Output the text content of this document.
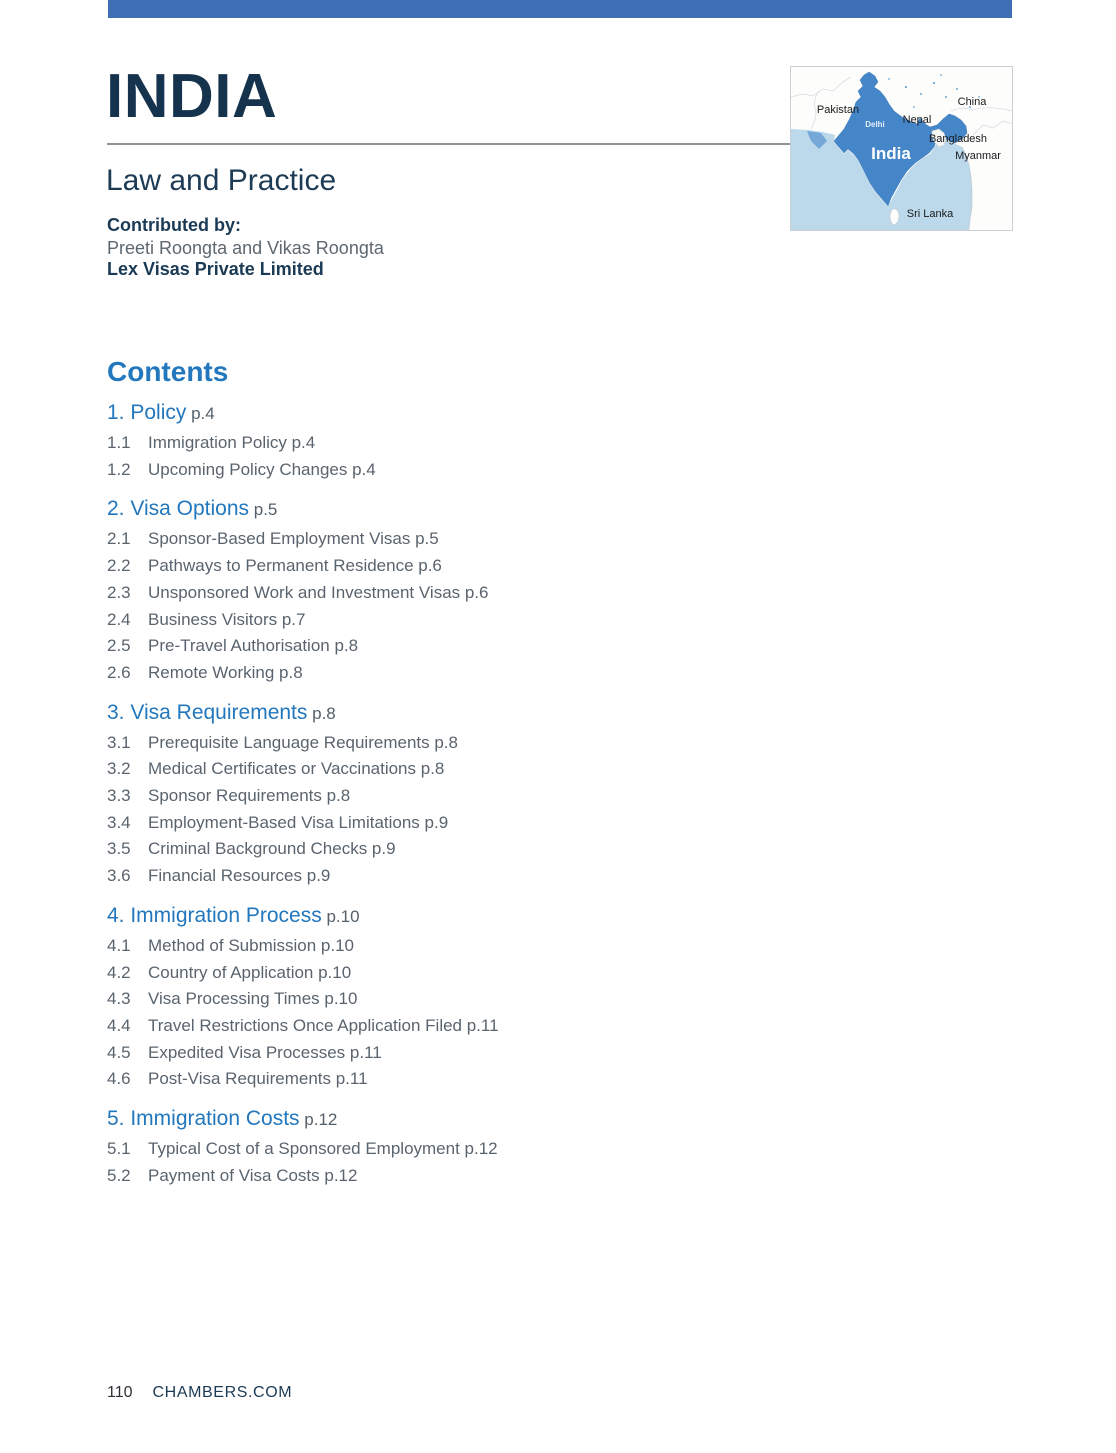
INDIA
Law and Practice
Contributed by:
Preeti Roongta and Vikas Roongta
Lex Visas Private Limited
Pakistan
China
Nepal
Delhi
Bangladesh
Myanmar
India
Sri Lanka
Contents
1. Policy p.4
1.1	Immigration Policy p.4
1.2	Upcoming Policy Changes p.4
2. Visa Options p.5
2.1	Sponsor-Based Employment Visas p.5
2.2	Pathways to Permanent Residence p.6
2.3	Unsponsored Work and Investment Visas p.6
2.4	Business Visitors p.7
2.5	Pre-Travel Authorisation p.8
2.6	Remote Working p.8
3. Visa Requirements p.8
3.1	Prerequisite Language Requirements p.8
3.2	Medical Certificates or Vaccinations p.8
3.3	Sponsor Requirements p.8
3.4	Employment-Based Visa Limitations p.9
3.5	Criminal Background Checks p.9
3.6	Financial Resources p.9
4. Immigration Process p.10
4.1	Method of Submission p.10
4.2	Country of Application p.10
4.3	Visa Processing Times p.10
4.4	Travel Restrictions Once Application Filed p.11
4.5	Expedited Visa Processes p.11
4.6	Post-Visa Requirements p.11
5. Immigration Costs p.12
5.1	Typical Cost of a Sponsored Employment p.12
5.2	Payment of Visa Costs p.12
110 CHAMBERS.COM
